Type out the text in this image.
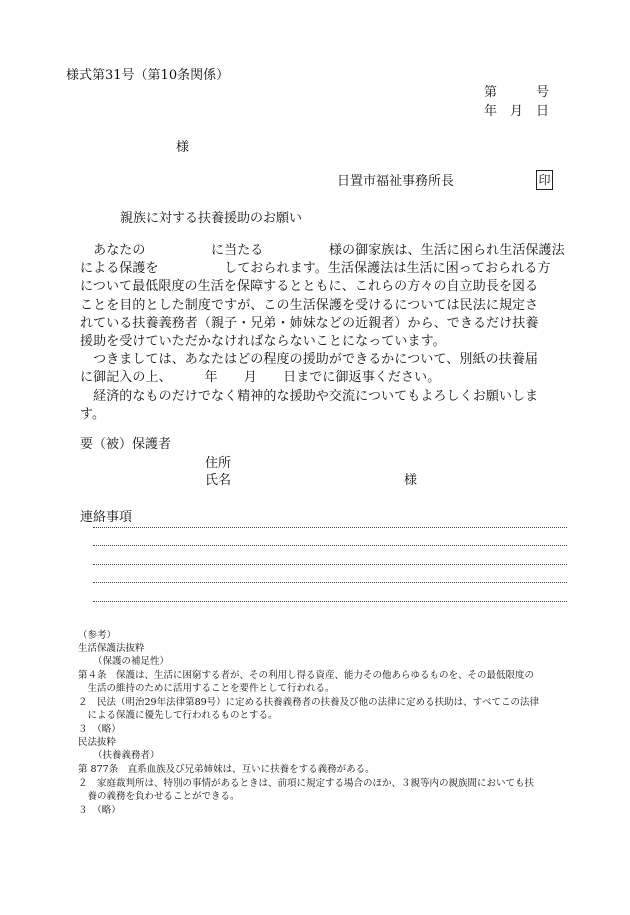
様式第31号（第10条関係）
第　　　号
年　月　日
様
日置市福祉事務所長	印
親族に対する扶養援助のお願い
　あなたの　　　　　に当たる　　　　　様の御家族は、生活に困られ生活保護法
による保護を　　　　　しておられます。生活保護法は生活に困っておられる方
について最低限度の生活を保障するとともに、これらの方々の自立助長を図る
ことを目的とした制度ですが、この生活保護を受けるについては民法に規定さ
れている扶養義務者（親子・兄弟・姉妹などの近親者）から、できるだけ扶養
援助を受けていただかなければならないことになっています。
　つきましては、あなたはどの程度の援助ができるかについて、別紙の扶養届
に御記入の上、　　　年　　月　　日までに御返事ください。
　経済的なものだけでなく精神的な援助や交流についてもよろしくお願いしま
す。
要（被）保護者
住所
氏名	様
連絡事項
（参考）
生活保護法抜粋
（保護の補足性）
第４条　保護は、生活に困窮する者が、その利用し得る資産、能力その他あらゆるものを、その最低限度の
　生活の維持のために活用することを要件として行われる。
２　民法（明治29年法律第89号）に定める扶養義務者の扶養及び他の法律に定める扶助は、すべてこの法律
　による保護に優先して行われるものとする。
３　（略）
民法抜粋
（扶養義務者）
第 877条　直系血族及び兄弟姉妹は、互いに扶養をする義務がある。
２　家庭裁判所は、特別の事情があるときは、前項に規定する場合のほか、３親等内の親族間においても扶
　養の義務を負わせることができる。
３　（略）
